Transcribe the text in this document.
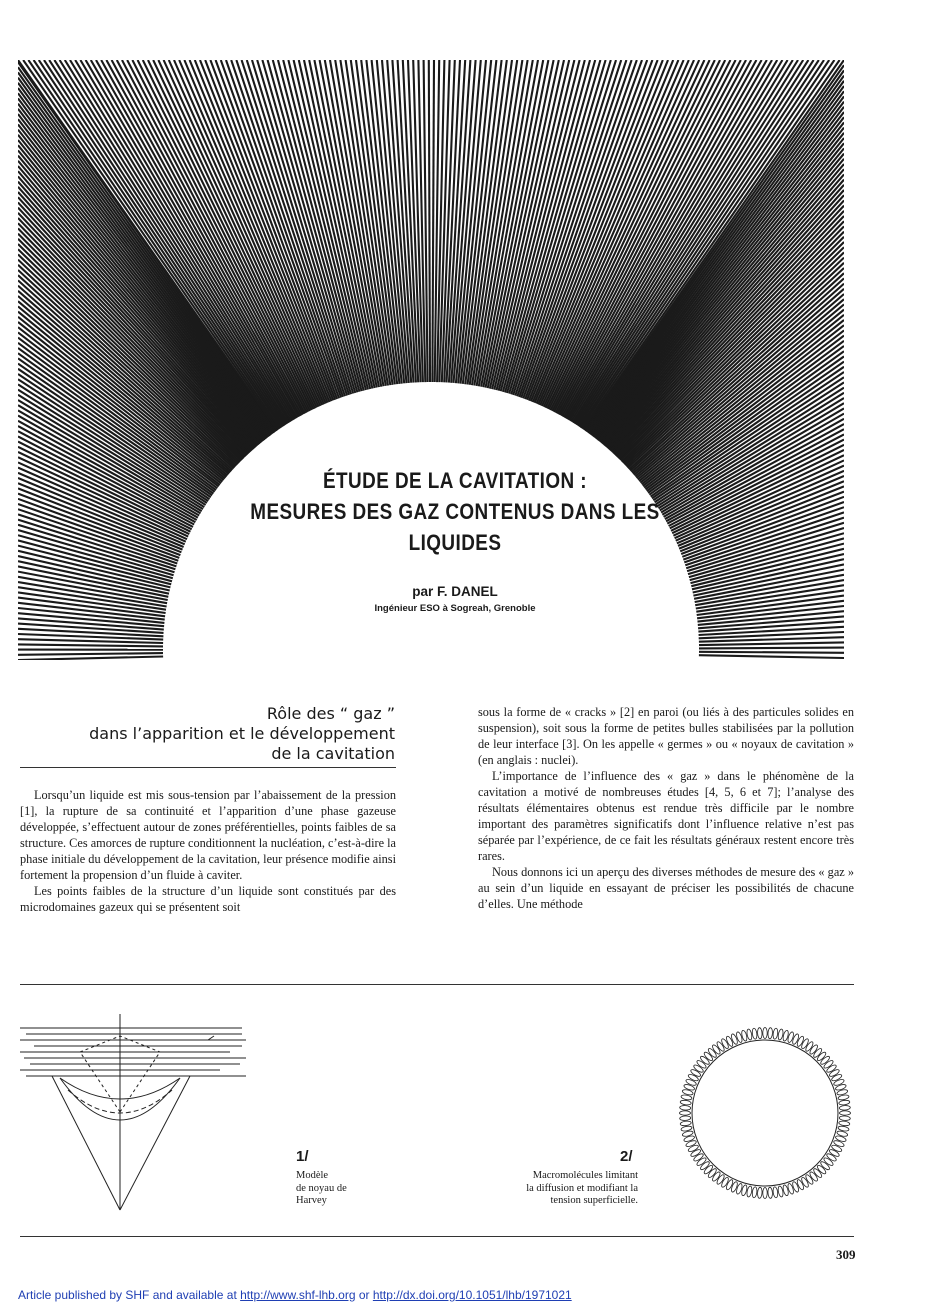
ÉTUDE DE LA CAVITATION :
MESURES DES GAZ CONTENUS DANS LES
LIQUIDES
par F. DANEL
Ingénieur ESO à Sogreah, Grenoble
Rôle des “ gaz ”
dans l’apparition et le développement
de la cavitation

Lorsqu’un liquide est mis sous-tension par l’abaissement de la pression [1], la rupture de sa continuité et l’apparition d’une phase gazeuse développée, s’effectuent autour de zones préférentielles, points faibles de sa structure. Ces amorces de rupture conditionnent la nucléation, c’est-à-dire la phase initiale du développement de la cavitation, leur présence modifie ainsi fortement la propension d’un fluide à caviter.

Les points faibles de la structure d’un liquide sont constitués par des microdomaines gazeux qui se présentent soit

sous la forme de « cracks » [2] en paroi (ou liés à des particules solides en suspension), soit sous la forme de petites bulles stabilisées par la pollution de leur interface [3]. On les appelle « germes » ou « noyaux de cavitation » (en anglais : nuclei).

L’importance de l’influence des « gaz » dans le phénomène de la cavitation a motivé de nombreuses études [4, 5, 6 et 7]; l’analyse des résultats élémentaires obtenus est rendue très difficile par le nombre important des paramètres significatifs dont l’influence relative n’est pas séparée par l’expérience, de ce fait les résultats généraux restent encore très rares.

Nous donnons ici un aperçu des diverses méthodes de mesure des « gaz » au sein d’un liquide en essayant de préciser les possibilités de chacune d’elles. Une méthode

1/
Modèle
de noyau de
Harvey
2/
Macromolécules limitant
la diffusion et modifiant la
tension superficielle.
309
Article published by SHF and available at http://www.shf-lhb.org or http://dx.doi.org/10.1051/lhb/1971021
